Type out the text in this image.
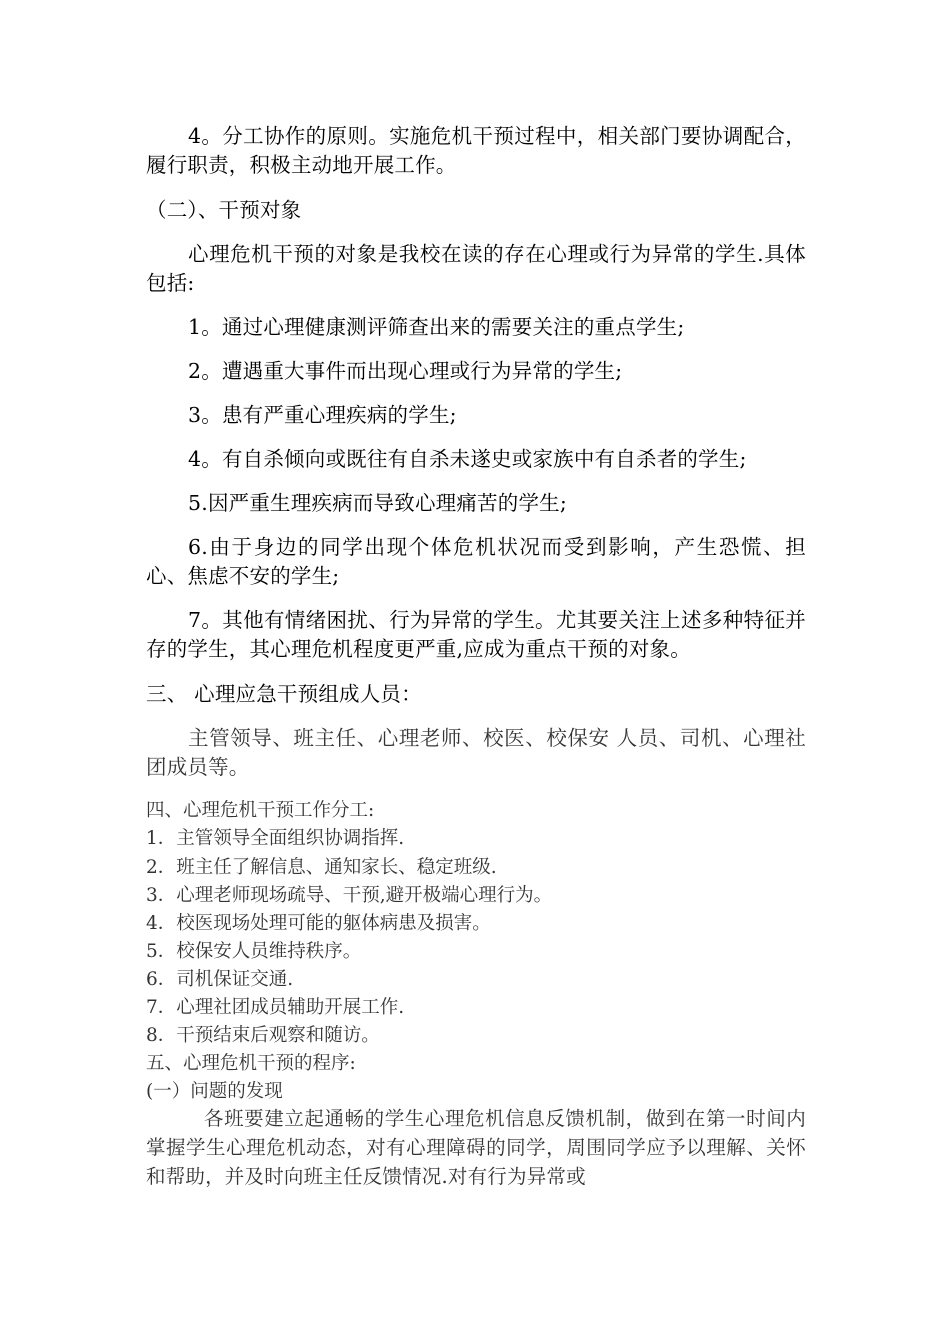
4。分工协作的原则。实施危机干预过程中，相关部门要协调配合，履行职责，积极主动地开展工作。

（二）、干预对象

心理危机干预的对象是我校在读的存在心理或行为异常的学生.具体包括:

1。通过心理健康测评筛查出来的需要关注的重点学生;

2。遭遇重大事件而出现心理或行为异常的学生;

3。患有严重心理疾病的学生;

4。有自杀倾向或既往有自杀未遂史或家族中有自杀者的学生;

5.因严重生理疾病而导致心理痛苦的学生;

6.由于身边的同学出现个体危机状况而受到影响，产生恐慌、担心、焦虑不安的学生;

7。其他有情绪困扰、行为异常的学生。尤其要关注上述多种特征并存的学生，其心理危机程度更严重,应成为重点干预的对象。

三、 心理应急干预组成人员：

主管领导、班主任、心理老师、校医、校保安 人员、司机、心理社团成员等。

四、心理危机干预工作分工:

1．主管领导全面组织协调指挥.

2．班主任了解信息、通知家长、稳定班级.

3．心理老师现场疏导、干预,避开极端心理行为。

4．校医现场处理可能的躯体病患及损害。

5．校保安人员维持秩序。

6．司机保证交通.

7．心理社团成员辅助开展工作.

8．干预结束后观察和随访。

五、心理危机干预的程序:

(一）问题的发现

各班要建立起通畅的学生心理危机信息反馈机制，做到在第一时间内掌握学生心理危机动态，对有心理障碍的同学，周围同学应予以理解、关怀和帮助，并及时向班主任反馈情况.对有行为异常或
